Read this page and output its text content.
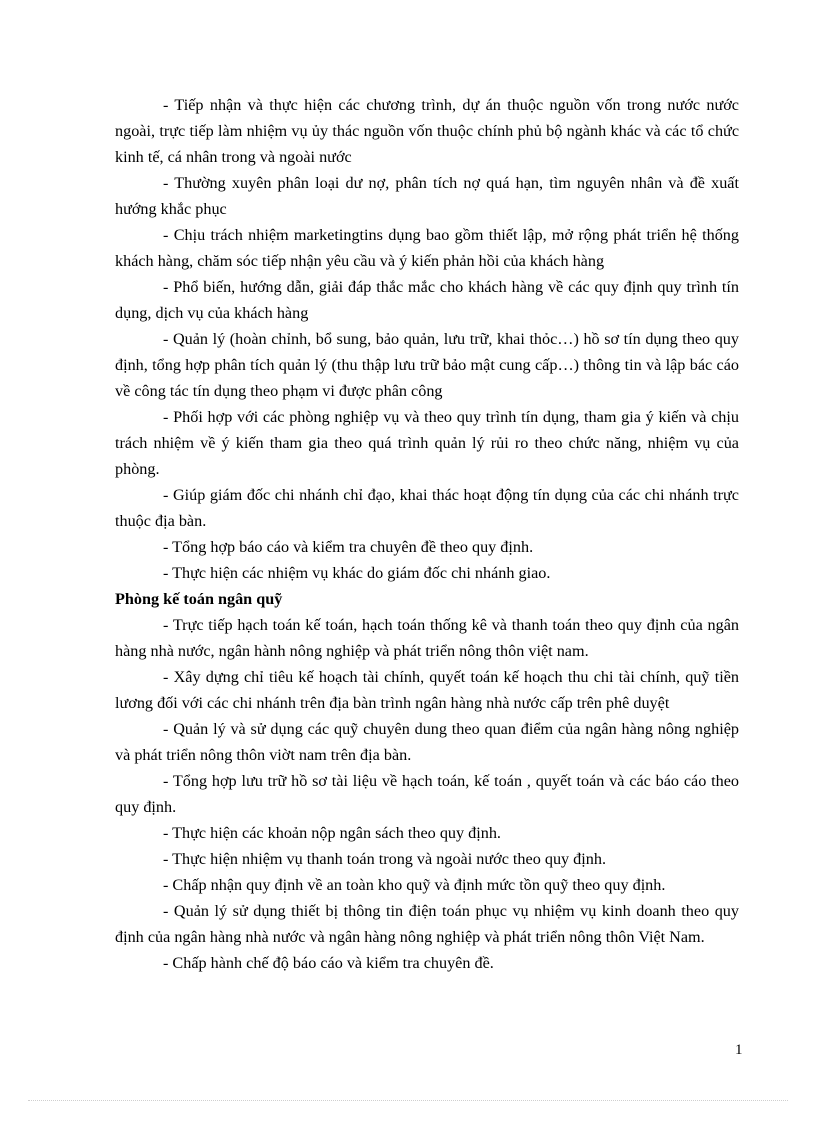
- Tiếp nhận và thực hiện các chương trình, dự án thuộc nguồn vốn trong nước nước ngoài, trực tiếp làm nhiệm vụ ủy thác nguồn vốn thuộc chính phủ bộ ngành khác và các tổ chức kinh tế, cá nhân trong và ngoài nước

- Thường xuyên phân loại dư nợ, phân tích nợ quá hạn, tìm nguyên nhân và đề xuất hướng khắc phục

- Chịu trách nhiệm marketingtins dụng bao gồm thiết lập, mở rộng phát triển hệ thống khách hàng, chăm sóc tiếp nhận yêu cầu và ý kiến phản hồi của khách hàng

- Phổ biến, hướng dẫn, giải đáp thắc mắc cho khách hàng về các quy định quy trình tín dụng, dịch vụ của khách hàng

- Quản lý (hoàn chỉnh, bổ sung, bảo quản, lưu trữ, khai thỏc…) hồ sơ tín dụng theo quy định, tổng hợp phân tích quản lý (thu thập lưu trữ bảo mật cung cấp…) thông tin và lập bác cáo về công tác tín dụng theo phạm vi được phân công

- Phối hợp với các phòng nghiệp vụ và theo quy trình tín dụng, tham gia ý kiến và chịu trách nhiệm về ý kiến tham gia theo quá trình quản lý rủi ro theo chức năng, nhiệm vụ của phòng.

- Giúp giám đốc chi nhánh chỉ đạo, khai thác hoạt động tín dụng của các chi nhánh trực thuộc địa bàn.

- Tổng hợp báo cáo và kiểm tra chuyên đề theo quy định.

- Thực hiện các nhiệm vụ khác do giám đốc chi nhánh giao.

Phòng kế toán ngân quỹ

- Trực tiếp hạch toán kế toán, hạch toán thống kê và thanh toán theo quy định của ngân hàng nhà nước, ngân hành nông nghiệp và phát triển nông thôn việt nam.

- Xây dựng chỉ tiêu kế hoạch tài chính, quyết toán kế hoạch thu chi tài chính, quỹ tiền lương đối với các chi nhánh trên địa bàn trình ngân hàng nhà nước cấp trên phê duyệt

- Quản lý và sử dụng các quỹ chuyên dung theo quan điểm của ngân hàng nông nghiệp và phát triển nông thôn viờt nam trên địa bàn.

- Tổng hợp lưu trữ hồ sơ tài liệu về hạch toán, kế toán , quyết toán và các báo cáo theo quy định.

- Thực hiện các khoản nộp ngân sách theo quy định.

- Thực hiện nhiệm vụ thanh toán trong và ngoài nước theo quy định.

- Chấp nhận quy định về an toàn kho quỹ và định mức tồn quỹ theo quy định.

- Quản lý sử dụng thiết bị thông tin điện toán phục vụ nhiệm vụ kinh doanh theo quy định của ngân hàng nhà nước và ngân hàng nông nghiệp và phát triển nông thôn Việt Nam.

- Chấp hành chế độ báo cáo và kiểm tra chuyên đề.

1
